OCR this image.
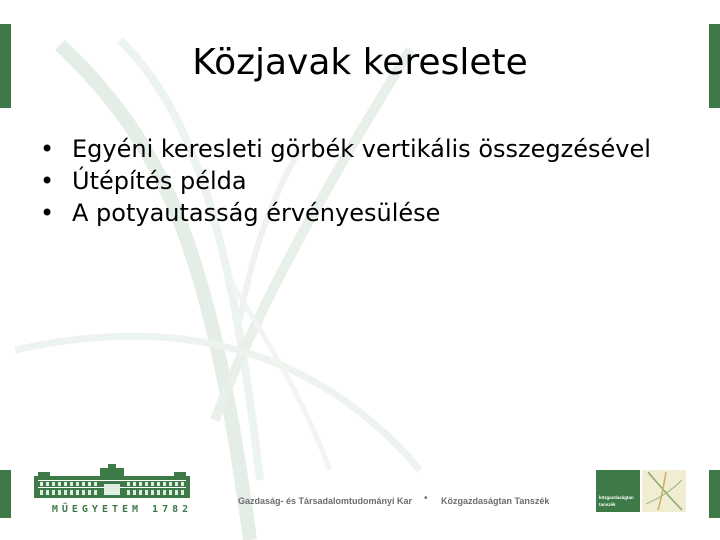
Közjavak kereslete
• Egyéni keresleti görbék vertikális összegzésével
• Útépítés példa
• A potyautasság érvényesülése
MŰEGYETEM 1782
Gazdaság- és Társadalomtudományi Kar • Közgazdaságtan Tanszék	közgazdaságtan
tanszék
